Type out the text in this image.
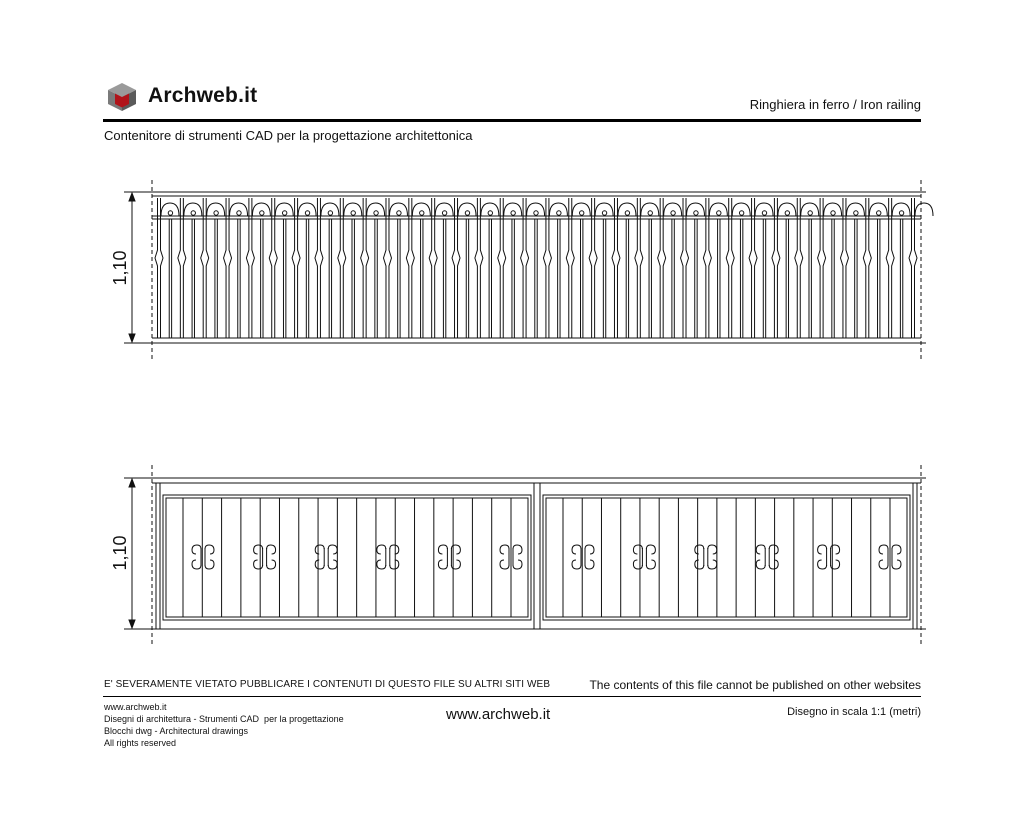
Archweb.it	Ringhiera in ferro / Iron railing
Contenitore di strumenti CAD per la progettazione architettonica
1,10
1,10
E' SEVERAMENTE VIETATO PUBBLICARE I CONTENUTI DI QUESTO FILE SU ALTRI SITI WEB	The contents of this file cannot be published on other websites
www.archweb.it
Disegni di architettura - Strumenti CAD  per la progettazione
Blocchi dwg - Architectural drawings
All rights reserved
www.archweb.it	Disegno in scala 1:1 (metri)
